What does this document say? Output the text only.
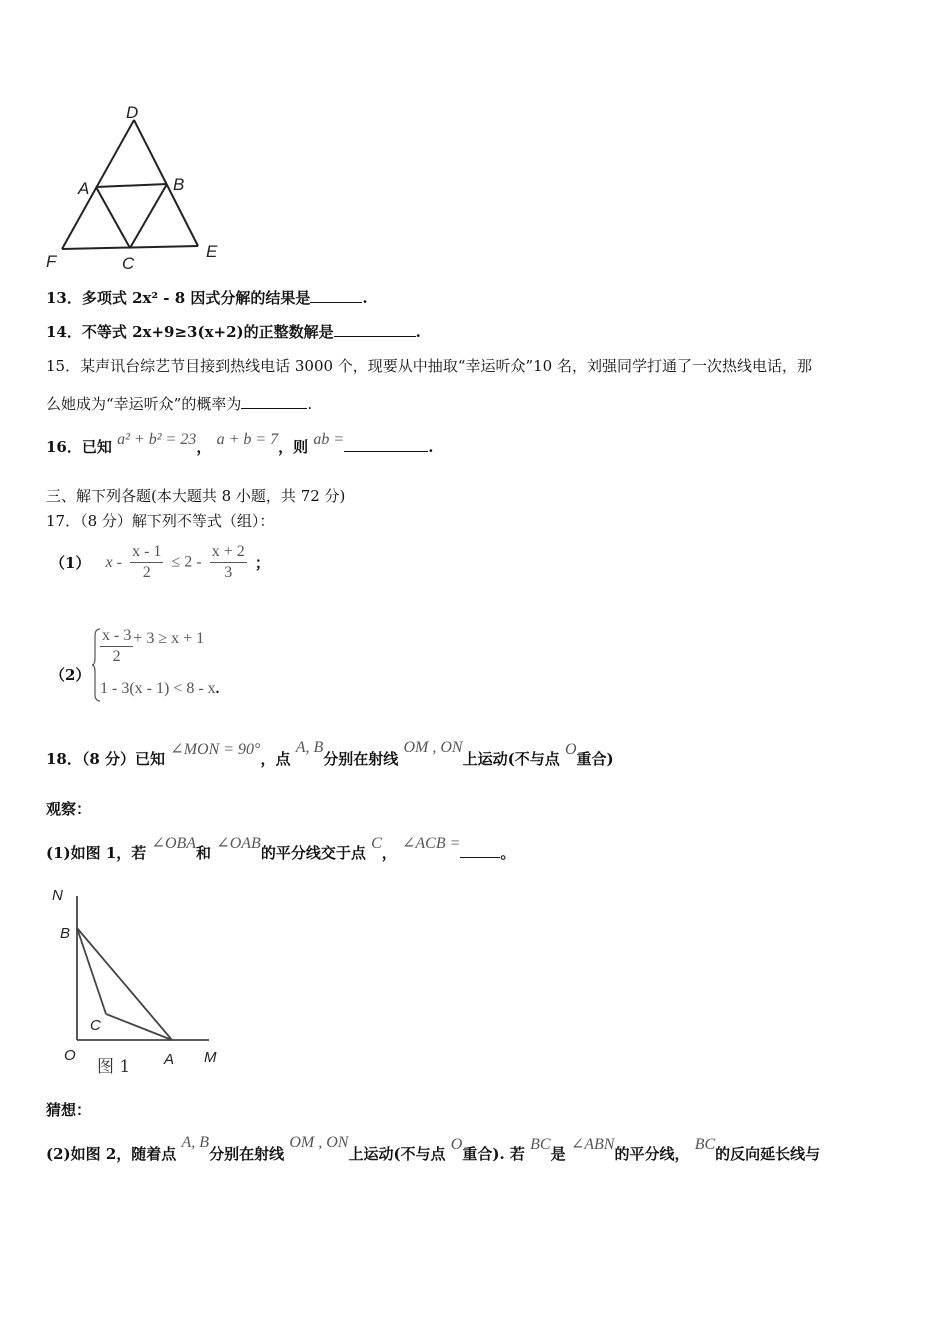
D
A	B
F	C
E
13．多项式 2x² - 8 因式分解的结果是	.
14．不等式 2x+9≥3(x+2)的正整数解是	.
15．某声讯台综艺节目接到热线电话 3000 个，现要从中抽取“幸运听众”10 名，刘强同学打通了一次热线电话，那
么她成为“幸运听众”的概率为	.
16．已知 a² + b² = 23， a + b = 7，则 ab =	.
三、解下列各题(本大题共 8 小题，共 72 分)
17．（8 分）解下列不等式（组）：
（1） $x - \frac{x - 1}{2} \le 2 - \frac{x + 2}{3}$ ；
（2）
$\frac{x - 3}{2} + 3 \ge x + 1$
1 - 3(x - 1) < 8 - x.
18．（8 分）已知 ∠MON = 90°，点 A, B分别在射线 OM , ON上运动(不与点 O重合)
观察：
(1)如图 1，若 ∠OBA和 ∠OAB的平分线交于点 C， ∠ACB =。
N
B
C
O	A M
图 1
猜想：
(2)如图 2，随着点 A, B分别在射线 OM , ON上运动(不与点 O重合). 若 BC是 ∠ABN的平分线， BC的反向延长线与
